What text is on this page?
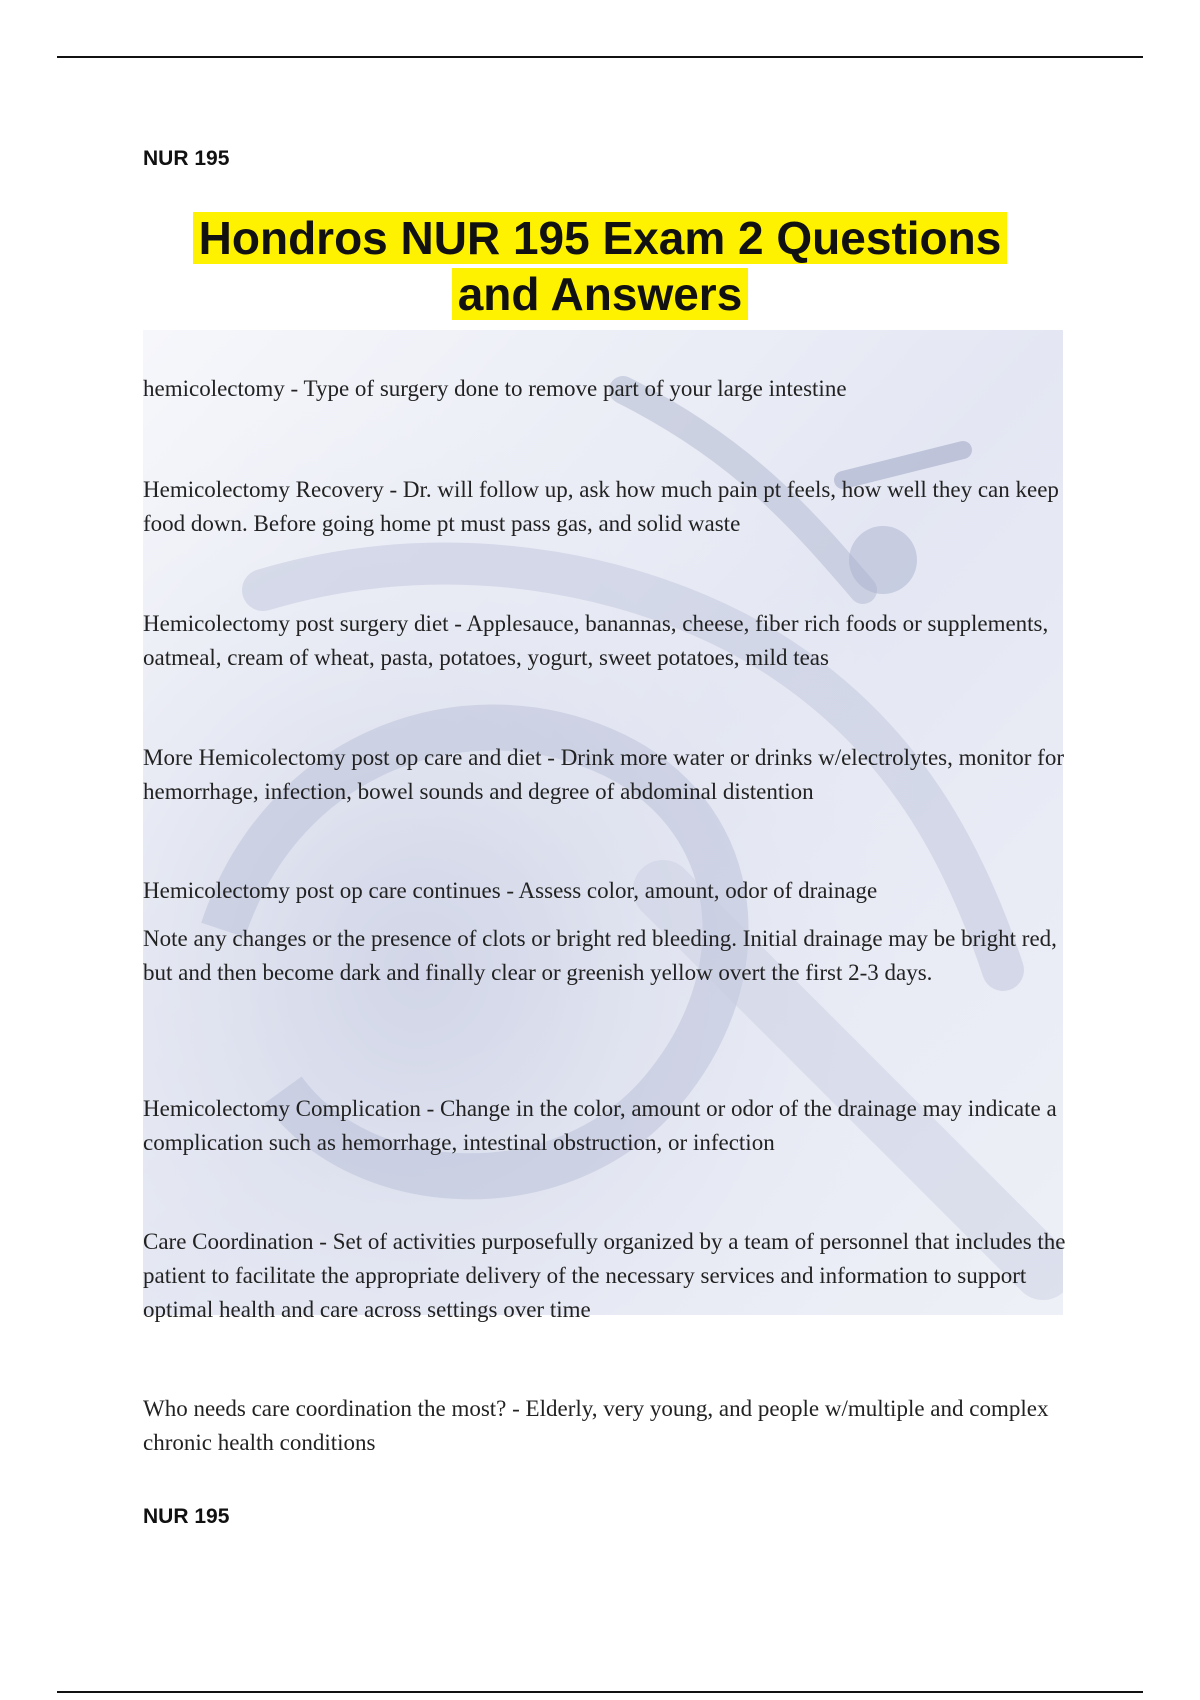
NUR 195
Hondros NUR 195 Exam 2 Questions
and Answers

hemicolectomy - Type of surgery done to remove part of your large intestine

Hemicolectomy Recovery - Dr. will follow up, ask how much pain pt feels, how well they can keep food down. Before going home pt must pass gas, and solid waste

Hemicolectomy post surgery diet - Applesauce, banannas, cheese, fiber rich foods or supplements, oatmeal, cream of wheat, pasta, potatoes, yogurt, sweet potatoes, mild teas

More Hemicolectomy post op care and diet - Drink more water or drinks w/electrolytes, monitor for hemorrhage, infection, bowel sounds and degree of abdominal distention

Hemicolectomy post op care continues - Assess color, amount, odor of drainage

Note any changes or the presence of clots or bright red bleeding. Initial drainage may be bright red, but and then become dark and finally clear or greenish yellow overt the first 2-3 days.

Hemicolectomy Complication - Change in the color, amount or odor of the drainage may indicate a complication such as hemorrhage, intestinal obstruction, or infection

Care Coordination - Set of activities purposefully organized by a team of personnel that includes the patient to facilitate the appropriate delivery of the necessary services and information to support optimal health and care across settings over time

Who needs care coordination the most? - Elderly, very young, and people w/multiple and complex chronic health conditions

NUR 195
